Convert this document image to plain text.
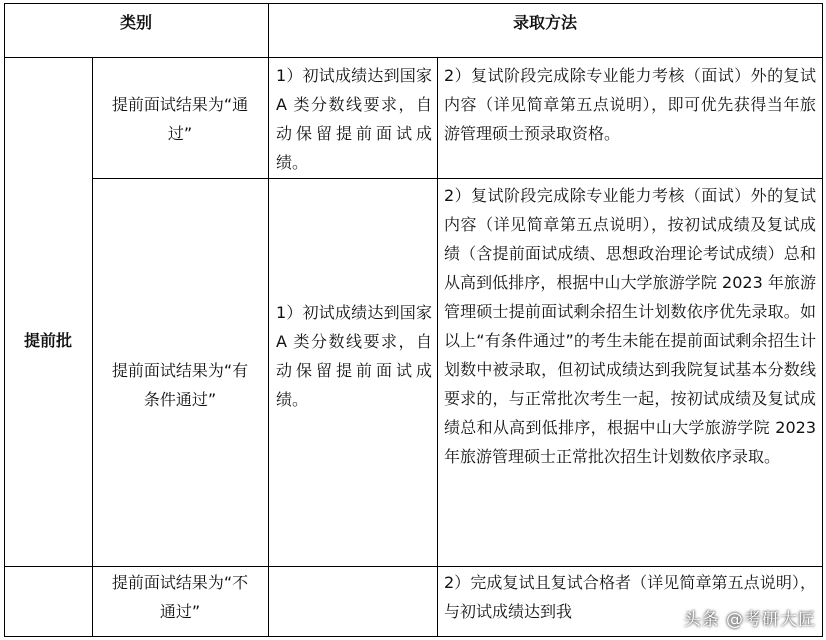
类别	录取方法
提前批
提前面试结果为“通过”
1）初试成绩达到国家 A 类分数线要求，自动保留提前面试成绩。
2）复试阶段完成除专业能力考核（面试）外的复试内容（详见简章第五点说明），即可优先获得当年旅游管理硕士预录取资格。
提前面试结果为“有条件通过”
1）初试成绩达到国家 A 类分数线要求，自动保留提前面试成绩。
2）复试阶段完成除专业能力考核（面试）外的复试内容（详见简章第五点说明），按初试成绩及复试成绩（含提前面试成绩、思想政治理论考试成绩）总和从高到低排序，根据中山大学旅游学院 2023 年旅游管理硕士提前面试剩余招生计划数依序优先录取。如以上“有条件通过”的考生未能在提前面试剩余招生计划数中被录取，但初试成绩达到我院复试基本分数线要求的，与正常批次考生一起，按初试成绩及复试成绩总和从高到低排序，根据中山大学旅游学院 2023 年旅游管理硕士正常批次招生计划数依序录取。
提前面试结果为“不通过”
2）完成复试且复试合格者（详见简章第五点说明），与初试成绩达到我	头条 @考研大匠
